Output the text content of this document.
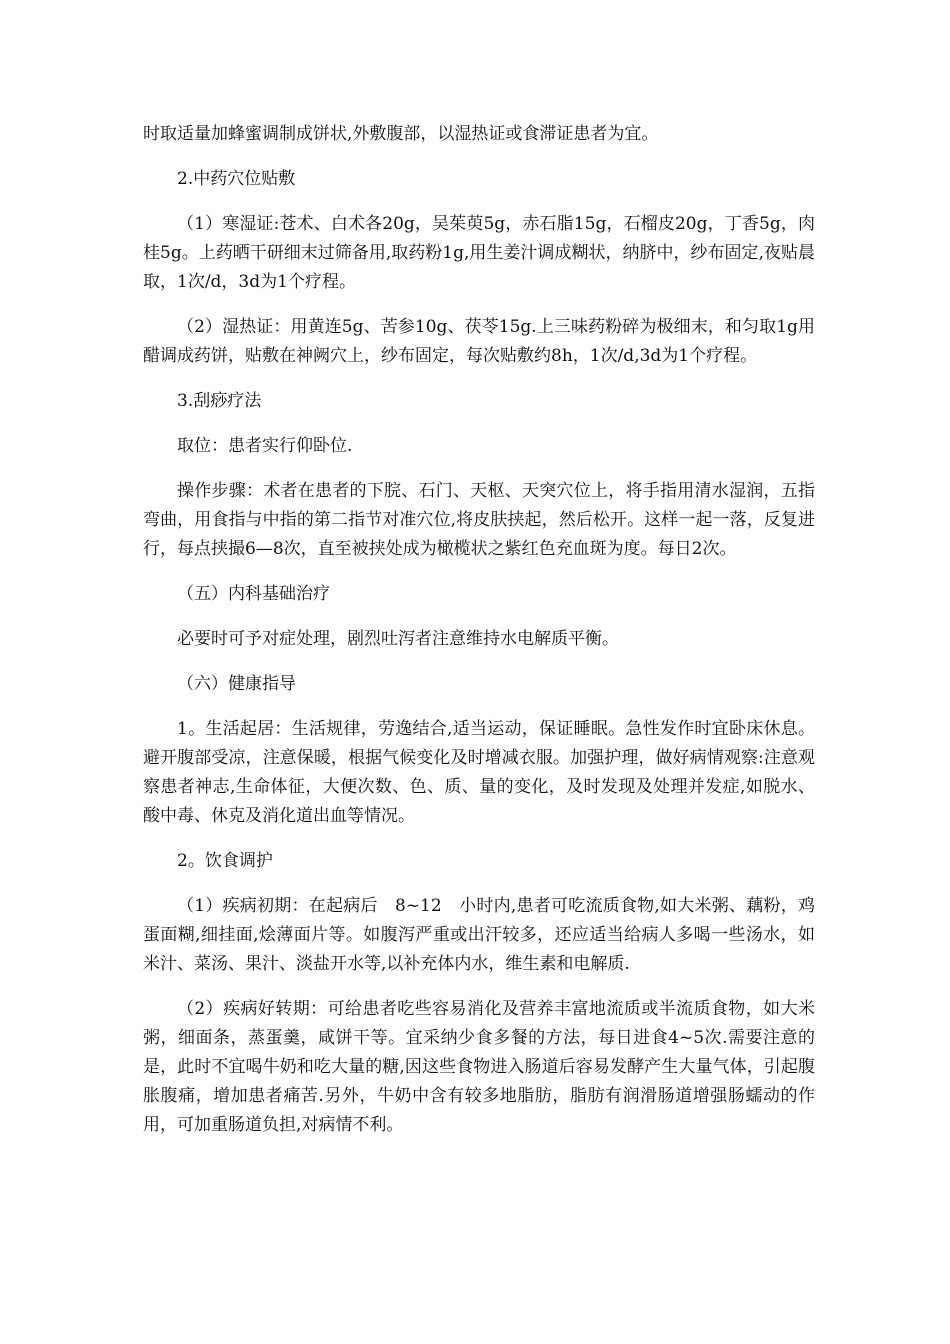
时取适量加蜂蜜调制成饼状,外敷腹部，以湿热证或食滞证患者为宜。

2.中药穴位贴敷

（1）寒湿证:苍术、白术各20g，吴茱萸5g，赤石脂15g，石榴皮20g，丁香5g，肉桂5g。上药晒干研细末过筛备用,取药粉1g,用生姜汁调成糊状，纳脐中，纱布固定,夜贴晨取，1次/d，3d为1个疗程。

（2）湿热证：用黄连5g、苦参10g、茯苓15g.上三味药粉碎为极细末，和匀取1g用醋调成药饼，贴敷在神阙穴上，纱布固定，每次贴敷约8h，1次/d,3d为1个疗程。

3.刮痧疗法

取位：患者实行仰卧位.

操作步骤：术者在患者的下脘、石门、天枢、天突穴位上，将手指用清水湿润，五指弯曲，用食指与中指的第二指节对准穴位,将皮肤挟起，然后松开。这样一起一落，反复进行，每点挟撮6—8次，直至被挟处成为橄榄状之紫红色充血斑为度。每日2次。

（五）内科基础治疗

必要时可予对症处理，剧烈吐泻者注意维持水电解质平衡。

（六）健康指导

1。生活起居：生活规律，劳逸结合,适当运动，保证睡眠。急性发作时宜卧床休息。避开腹部受凉，注意保暖，根据气候变化及时增减衣服。加强护理，做好病情观察:注意观察患者神志,生命体征，大便次数、色、质、量的变化，及时发现及处理并发症,如脱水、酸中毒、休克及消化道出血等情况。

2。饮食调护

（1）疾病初期：在起病后　8~12　小时内,患者可吃流质食物,如大米粥、藕粉，鸡蛋面糊,细挂面,烩薄面片等。如腹泻严重或出汗较多，还应适当给病人多喝一些汤水，如米汁、菜汤、果汁、淡盐开水等,以补充体内水，维生素和电解质.

（2）疾病好转期：可给患者吃些容易消化及营养丰富地流质或半流质食物，如大米粥，细面条，蒸蛋羹，咸饼干等。宜采纳少食多餐的方法，每日进食4~5次.需要注意的是，此时不宜喝牛奶和吃大量的糖,因这些食物进入肠道后容易发酵产生大量气体，引起腹胀腹痛，增加患者痛苦.另外，牛奶中含有较多地脂肪，脂肪有润滑肠道增强肠蠕动的作用，可加重肠道负担,对病情不利。
